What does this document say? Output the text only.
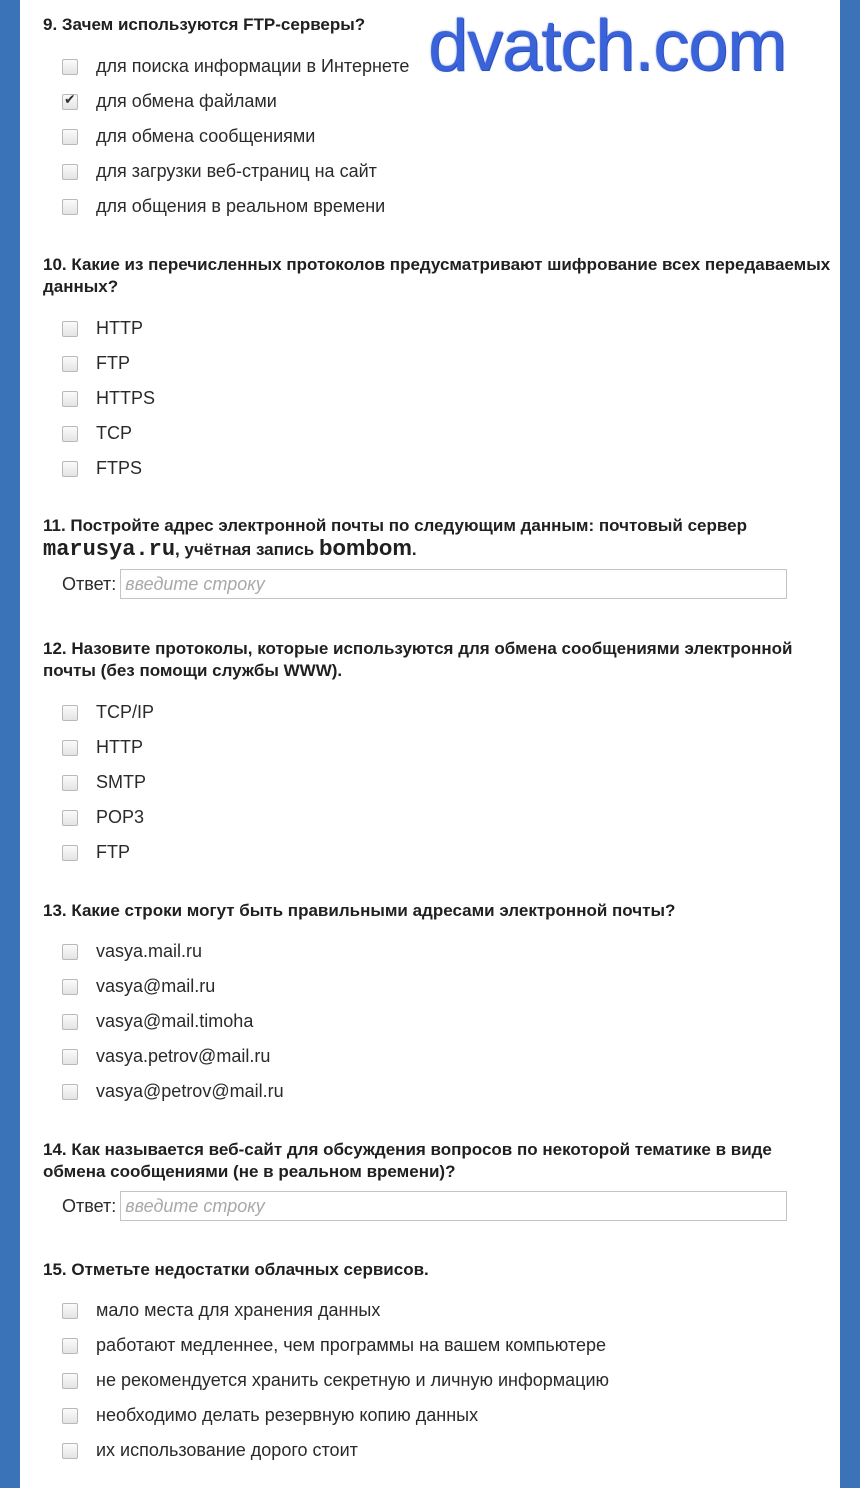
dvatch.com
9. Зачем используются FTP-серверы?
для поиска информации в Интернете
✔
для обмена файлами
для обмена сообщениями
для загрузки веб-страниц на сайт
для общения в реальном времени
10. Какие из перечисленных протоколов предусматривают шифрование всех передаваемых данных?
HTTP
FTP
HTTPS
TCP
FTPS
11. Постройте адрес электронной почты по следующим данным: почтовый сервер
marusya.ru, учётная запись bombom.
Ответ:
введите строку
12. Назовите протоколы, которые используются для обмена сообщениями электронной почты (без помощи службы WWW).
TCP/IP
HTTP
SMTP
POP3
FTP
13. Какие строки могут быть правильными адресами электронной почты?
vasya.mail.ru
vasya@mail.ru
vasya@mail.timoha
vasya.petrov@mail.ru
vasya@petrov@mail.ru
14. Как называется веб-сайт для обсуждения вопросов по некоторой тематике в виде обмена сообщениями (не в реальном времени)?
Ответ:
введите строку
15. Отметьте недостатки облачных сервисов.
мало места для хранения данных
работают медленнее, чем программы на вашем компьютере
не рекомендуется хранить секретную и личную информацию
необходимо делать резервную копию данных
их использование дорого стоит
